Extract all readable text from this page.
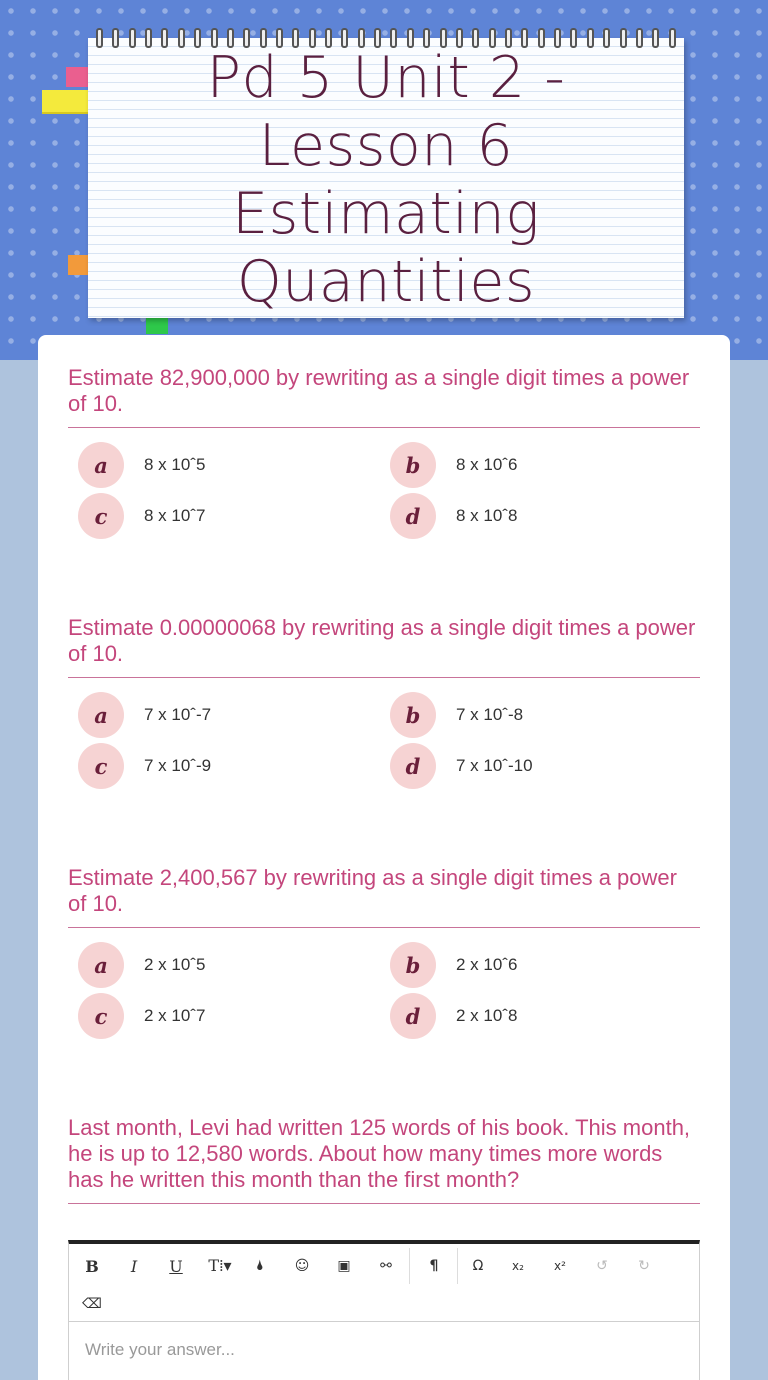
Pd 5 Unit 2 -
Lesson 6
Estimating
Quantities
Estimate 82,900,000 by rewriting as a single digit times a power of 10.
a	8 x 10ˆ5	b	8 x 10ˆ6
c	8 x 10ˆ7	d	8 x 10ˆ8
Estimate 0.00000068 by rewriting as a single digit times a power of 10.
a	7 x 10ˆ-7	b	7 x 10ˆ-8
c	7 x 10ˆ-9	d	7 x 10ˆ-10
Estimate 2,400,567 by rewriting as a single digit times a power of 10.
a	2 x 10ˆ5	b	2 x 10ˆ6
c	2 x 10ˆ7	d	2 x 10ˆ8
Last month, Levi had written 125 words of his book. This month, he is up to 12,580 words. About how many times more words has he written this month than the first month?
B	I	U	T⁞▾	🌢	☺	▣	⚯	¶	Ω	x₂	x²	↺	↻
⌫
Write your answer...
